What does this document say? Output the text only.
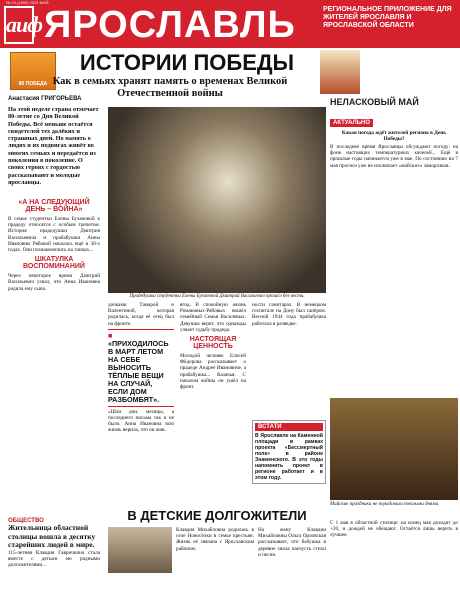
№ 19 (1805) 2025 МАЙ
аиф ЯРОСЛАВЛЬ	РЕГИОНАЛЬНОЕ ПРИЛОЖЕНИЕ ДЛЯ ЖИТЕЛЕЙ ЯРОСЛАВЛЯ И ЯРОСЛАВСКОЙ ОБЛАСТИ
80 ПОБЕДА
ИСТОРИИ ПОБЕДЫ
Как в семьях хранят память о временах Великой Отечественной войны
НЕЛАСКОВЫЙ МАЙ
АКТУАЛЬНО
Какая погода ждёт жителей региона в День Победы?
В последнее время Ярославцы обсуждают погоду: на фоне настоящих температурных качелей... Ещё в прошлые годы начинается уже в мае. По состоянию на 7 мая прогноз уже не исключает «майских» заморозков.
Анастасия ГРИГОРЬЕВА
На этой неделе страна отмечает 80-летие со Дня Великой Победы. Всё меньше остаётся свидетелей тех далёких и страшных дней. Но память о людях и их подвигах живёт во многих семьях и передаётся из поколения в поколение. О своих героях с гордостью рассказывают и молодые ярославцы.
«А НА СЛЕДУЮЩИЙ ДЕНЬ – ВОЙНА»
В семье студентки Елены Бузановой к прадеду относятся с особым трепетом. История прадедушки Дмитрия Васильевича и прабабушки Анны Ивановны Рябовой началась ещё в 30-х годах. Они познакомились на танцах...
ШКАТУЛКА ВОСПОМИНАНИЙ
Через некоторое время Дмитрий Васильевич узнал, что Анна Ивановна родила ему сына.
Прадедушка студентки Елены Бузановой Дмитрий Васильевич прошёл без вести.
дочками Тамарой и Валентиной, которая родилась, когда её отец был на фронте.
■ «ПРИХОДИЛОСЬ В МАРТ ЛЕТОМ НА СЕБЕ ВЫНОСИТЬ ТЁПЛЫЕ ВЕЩИ НА СЛУЧАЙ, ЕСЛИ ДОМ РАЗБОМБЯТ».
«Шли дни, месяцы, а последнего письма так и не было. Анна Ивановна всю жизнь верила, что он жив.
ягод. В спокойную жизнь Романовых-Рябовых вошёл семейный Семья Василевых. Девушка верит, что однажды узнает судьбу прадеда.
НАСТОЯЩАЯ ЦЕННОСТЬ
Молодой человек Елисей Фёдорова рассказывает о прадеде Андрее Ивановиче, а прабабушка... Казачья. С началом войны он ушёл на фронт.
ности санитарах. В немецком госпитале на Дону был сапёром. Весной 1944 года прабабушка работала в разведке.
ВСТАТИ
В Ярославле на Каменной площади в рамках проекта «Бессмертный полк» в районе Знаменского. В это годы напомнить проект в регионе работает и в этом году.
Майские праздники не порадовали теплыми днями.
С 1 мая в областной столице: на конец мая доходит до +20, и дождей не обещают. Остаётся лишь верить в лучшее.
В ДЕТСКИЕ ДОЛГОЖИТЕЛИ
ОБЩЕСТВО
Жительница областной столицы вошла в десятку старейших людей в мире.
115-летняя Клавдия Гавричкина стала вместе с детьми ею родными долгожителями...
Клавдия Михайловна родилась в селе Новосёлки в семье крестьян. Жизнь её связана с Ярославским районом.
На жену Клавдии Михайловны Ольга Орловская рассказывает, что бабушка в деревне знала наизусть стихи и песни.
